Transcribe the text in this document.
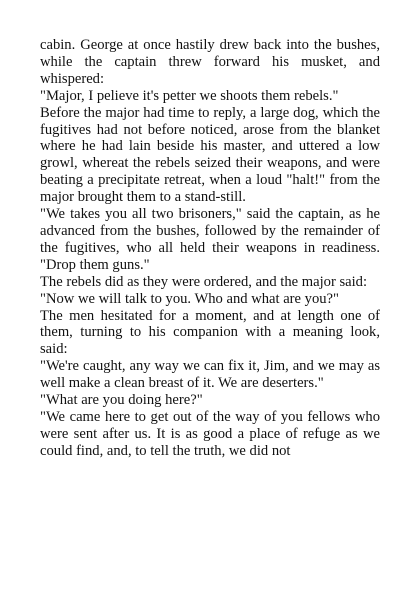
cabin. George at once hastily drew back into the bushes, while the captain threw forward his musket, and whispered:

"Major, I pelieve it's petter we shoots them rebels."

Before the major had time to reply, a large dog, which the fugitives had not before noticed, arose from the blanket where he had lain beside his master, and uttered a low growl, whereat the rebels seized their weapons, and were beating a precipitate retreat, when a loud "halt!" from the major brought them to a stand-still.

"We takes you all two brisoners," said the captain, as he advanced from the bushes, followed by the remainder of the fugitives, who all held their weapons in readiness. "Drop them guns."

The rebels did as they were ordered, and the major said:

"Now we will talk to you. Who and what are you?"

The men hesitated for a moment, and at length one of them, turning to his companion with a meaning look, said:

"We're caught, any way we can fix it, Jim, and we may as well make a clean breast of it. We are deserters."

"What are you doing here?"

"We came here to get out of the way of you fellows who were sent after us. It is as good a place of refuge as we could find, and, to tell the truth, we did not
